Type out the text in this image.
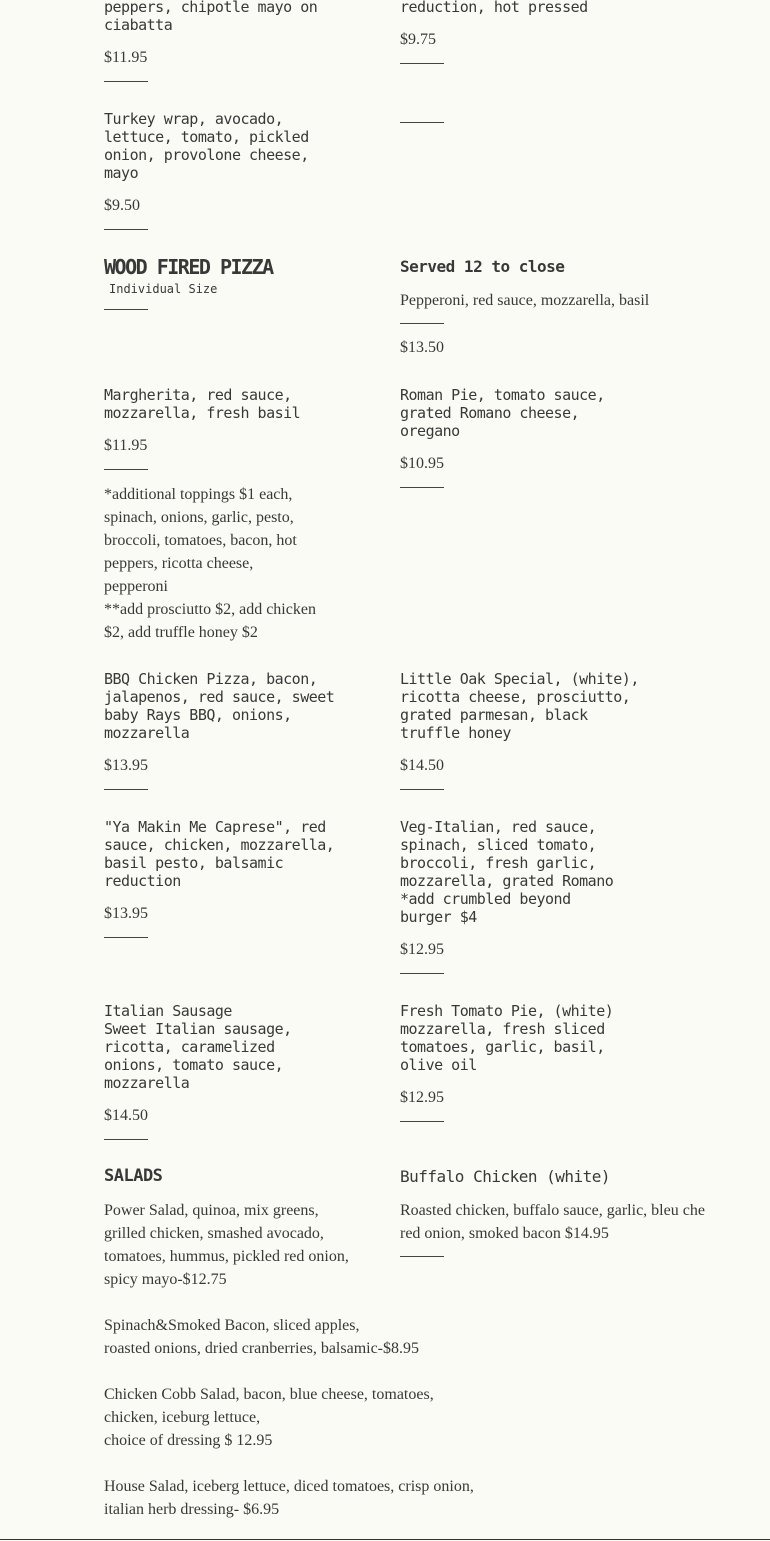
peppers, chipotle mayo on
ciabatta
$11.95
reduction, hot pressed
$9.75
Turkey wrap, avocado,
lettuce, tomato, pickled
onion, provolone cheese,
mayo
$9.50
WOOD FIRED PIZZA
Individual Size
Served 12 to close
Pepperoni, red sauce, mozzarella, basil
$13.50
Margherita, red sauce,
mozzarella, fresh basil
$11.95
Roman Pie, tomato sauce,
grated Romano cheese,
oregano
$10.95
*additional toppings $1 each,
spinach, onions, garlic, pesto,
broccoli, tomatoes, bacon, hot
peppers, ricotta cheese,
pepperoni
**add prosciutto $2, add chicken
$2, add truffle honey $2
BBQ Chicken Pizza, bacon,
jalapenos, red sauce, sweet
baby Rays BBQ, onions,
mozzarella
$13.95
Little Oak Special, (white),
ricotta cheese, prosciutto,
grated parmesan, black
truffle honey
$14.50
"Ya Makin Me Caprese", red
sauce, chicken, mozzarella,
basil pesto, balsamic
reduction
$13.95
Veg-Italian, red sauce,
spinach, sliced tomato,
broccoli, fresh garlic,
mozzarella, grated Romano
*add crumbled beyond
burger $4
$12.95
Italian Sausage
Sweet Italian sausage,
ricotta, caramelized
onions, tomato sauce,
mozzarella
$14.50
Fresh Tomato Pie, (white)
mozzarella, fresh sliced
tomatoes, garlic, basil,
olive oil
$12.95
Buffalo Chicken (white)
Roasted chicken, buffalo sauce, garlic, bleu che
red onion, smoked bacon $14.95
SALADS
Power Salad, quinoa, mix greens,
grilled chicken, smashed avocado,
tomatoes, hummus, pickled red onion,
spicy mayo-$12.75
Spinach&Smoked Bacon, sliced apples,
roasted onions, dried cranberries, balsamic-$8.95
Chicken Cobb Salad, bacon, blue cheese, tomatoes,
chicken, iceburg lettuce,
choice of dressing $ 12.95
House Salad, iceberg lettuce, diced tomatoes, crisp onion,
italian herb dressing- $6.95
